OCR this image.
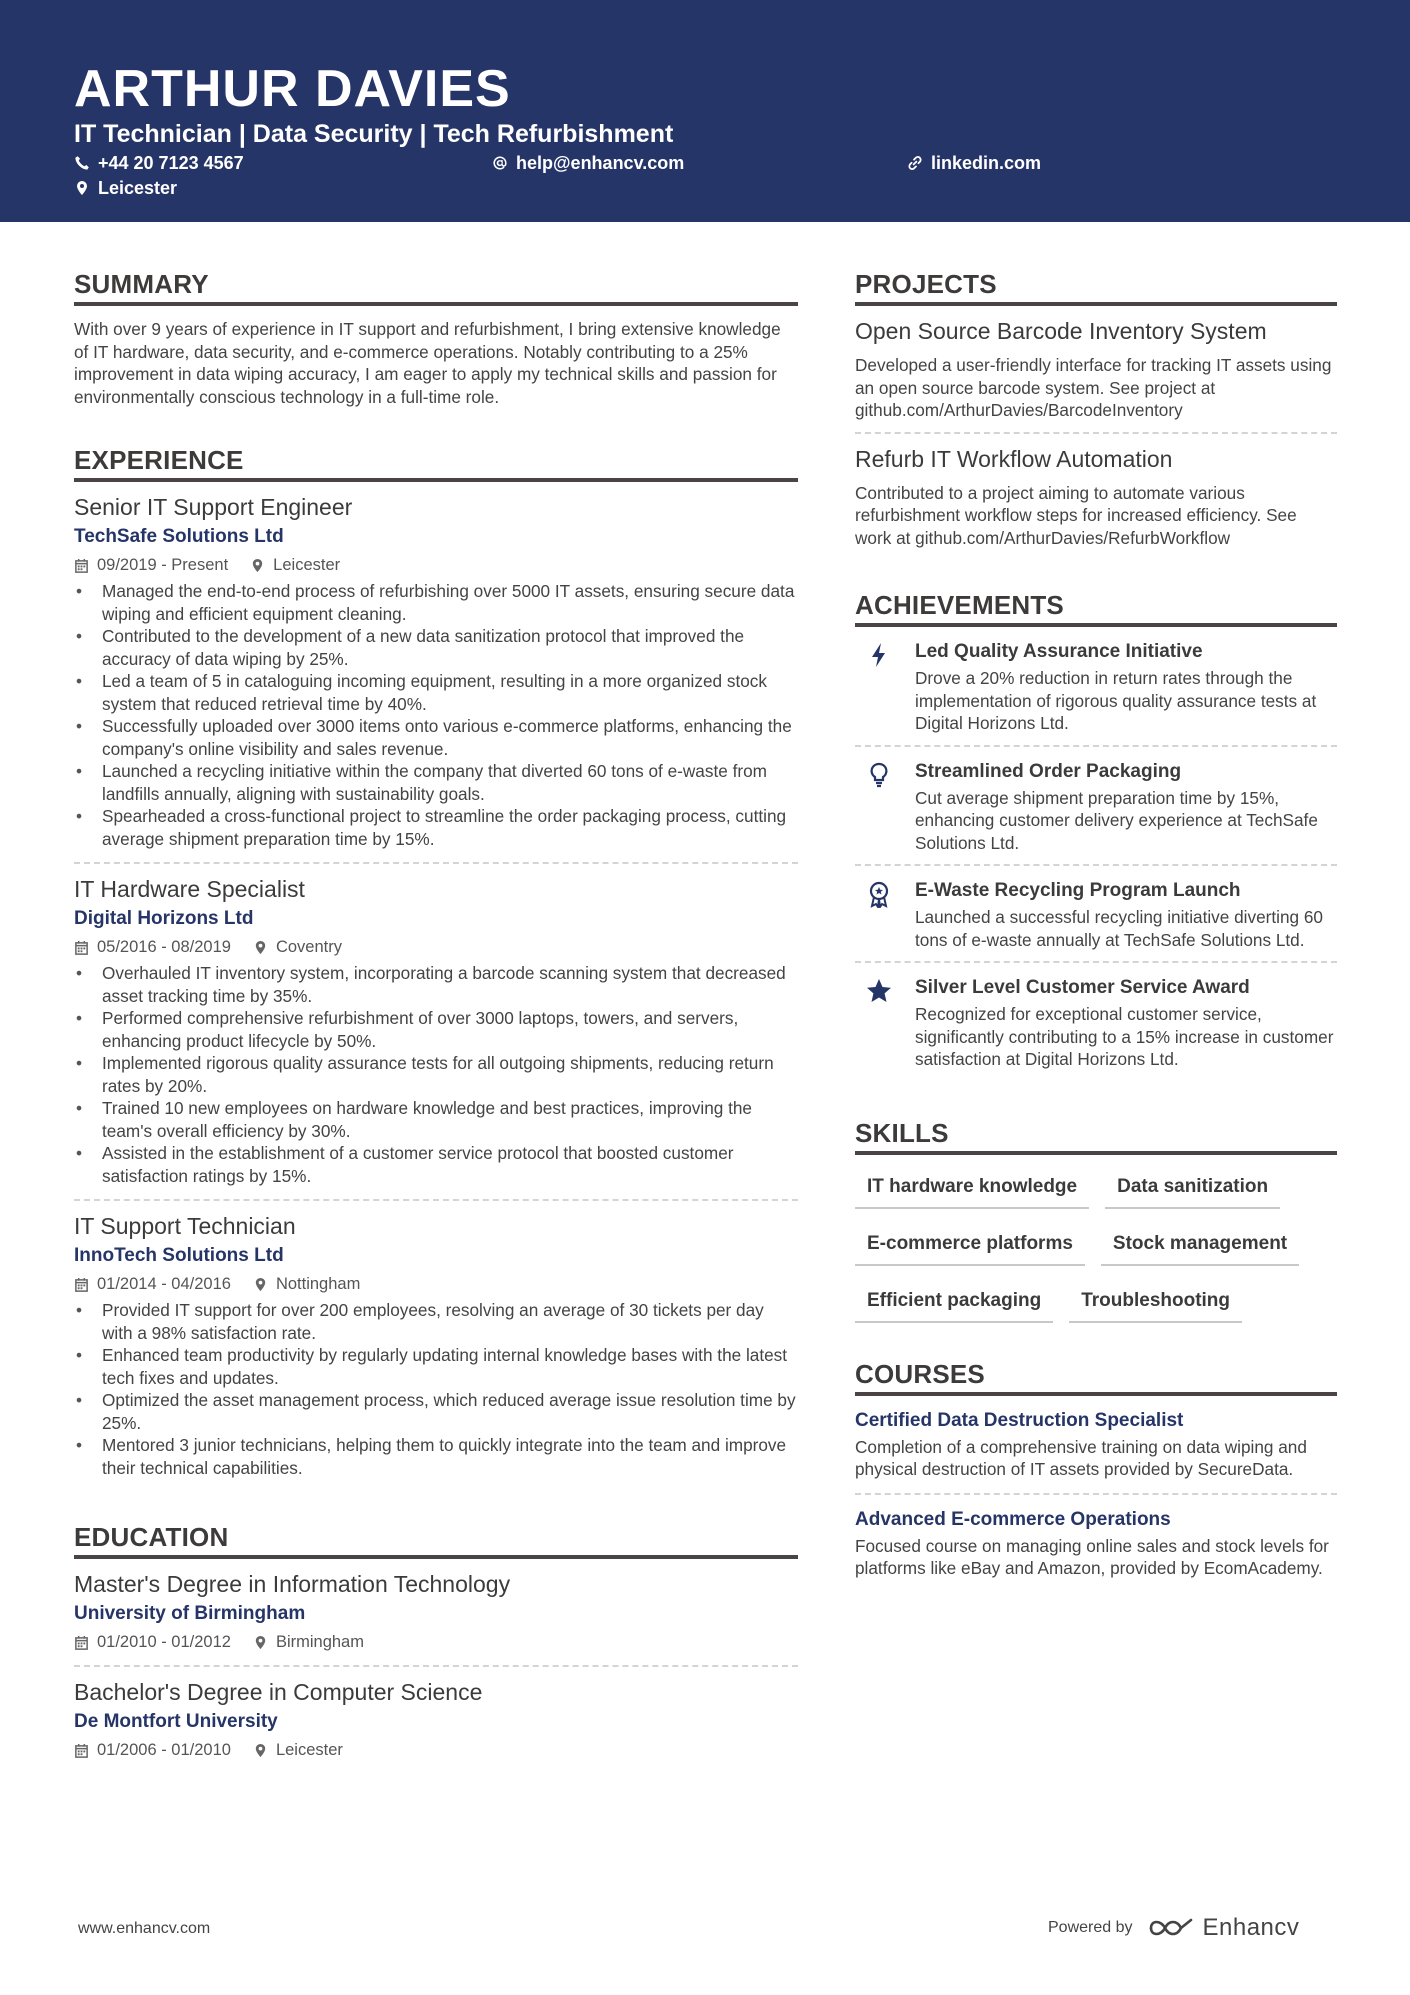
ARTHUR DAVIES
IT Technician | Data Security | Tech Refurbishment
+44 20 7123 4567	help@enhancv.com	linkedin.com
Leicester
SUMMARY

With over 9 years of experience in IT support and refurbishment, I bring extensive knowledge of IT hardware, data security, and e-commerce operations. Notably contributing to a 25% improvement in data wiping accuracy, I am eager to apply my technical skills and passion for environmentally conscious technology in a full-time role.

EXPERIENCE
Senior IT Support Engineer
TechSafe Solutions Ltd
09/2019 - Present	Leicester
• Managed the end-to-end process of refurbishing over 5000 IT assets, ensuring secure data wiping and efficient equipment cleaning.
• Contributed to the development of a new data sanitization protocol that improved the accuracy of data wiping by 25%.
• Led a team of 5 in cataloguing incoming equipment, resulting in a more organized stock system that reduced retrieval time by 40%.
• Successfully uploaded over 3000 items onto various e-commerce platforms, enhancing the company's online visibility and sales revenue.
• Launched a recycling initiative within the company that diverted 60 tons of e-waste from landfills annually, aligning with sustainability goals.
• Spearheaded a cross-functional project to streamline the order packaging process, cutting average shipment preparation time by 15%.
IT Hardware Specialist
Digital Horizons Ltd
05/2016 - 08/2019	Coventry
• Overhauled IT inventory system, incorporating a barcode scanning system that decreased asset tracking time by 35%.
• Performed comprehensive refurbishment of over 3000 laptops, towers, and servers, enhancing product lifecycle by 50%.
• Implemented rigorous quality assurance tests for all outgoing shipments, reducing return rates by 20%.
• Trained 10 new employees on hardware knowledge and best practices, improving the team's overall efficiency by 30%.
• Assisted in the establishment of a customer service protocol that boosted customer satisfaction ratings by 15%.
IT Support Technician
InnoTech Solutions Ltd
01/2014 - 04/2016	Nottingham
• Provided IT support for over 200 employees, resolving an average of 30 tickets per day with a 98% satisfaction rate.
• Enhanced team productivity by regularly updating internal knowledge bases with the latest tech fixes and updates.
• Optimized the asset management process, which reduced average issue resolution time by 25%.
• Mentored 3 junior technicians, helping them to quickly integrate into the team and improve their technical capabilities.
EDUCATION
Master's Degree in Information Technology
University of Birmingham
01/2010 - 01/2012	Birmingham
Bachelor's Degree in Computer Science
De Montfort University
01/2006 - 01/2010	Leicester
PROJECTS
Open Source Barcode Inventory System
Developed a user-friendly interface for tracking IT assets using an open source barcode system. See project at github.com/ArthurDavies/BarcodeInventory
Refurb IT Workflow Automation
Contributed to a project aiming to automate various refurbishment workflow steps for increased efficiency. See work at github.com/ArthurDavies/RefurbWorkflow
ACHIEVEMENTS
Led Quality Assurance Initiative
Drove a 20% reduction in return rates through the implementation of rigorous quality assurance tests at Digital Horizons Ltd.
Streamlined Order Packaging
Cut average shipment preparation time by 15%, enhancing customer delivery experience at TechSafe Solutions Ltd.
E-Waste Recycling Program Launch
Launched a successful recycling initiative diverting 60 tons of e-waste annually at TechSafe Solutions Ltd.
Silver Level Customer Service Award
Recognized for exceptional customer service, significantly contributing to a 15% increase in customer satisfaction at Digital Horizons Ltd.
SKILLS
IT hardware knowledge	Data sanitization
E-commerce platforms	Stock management
Efficient packaging	Troubleshooting
COURSES
Certified Data Destruction Specialist
Completion of a comprehensive training on data wiping and physical destruction of IT assets provided by SecureData.
Advanced E-commerce Operations
Focused course on managing online sales and stock levels for platforms like eBay and Amazon, provided by EcomAcademy.
www.enhancv.com	Powered by	Enhancv
